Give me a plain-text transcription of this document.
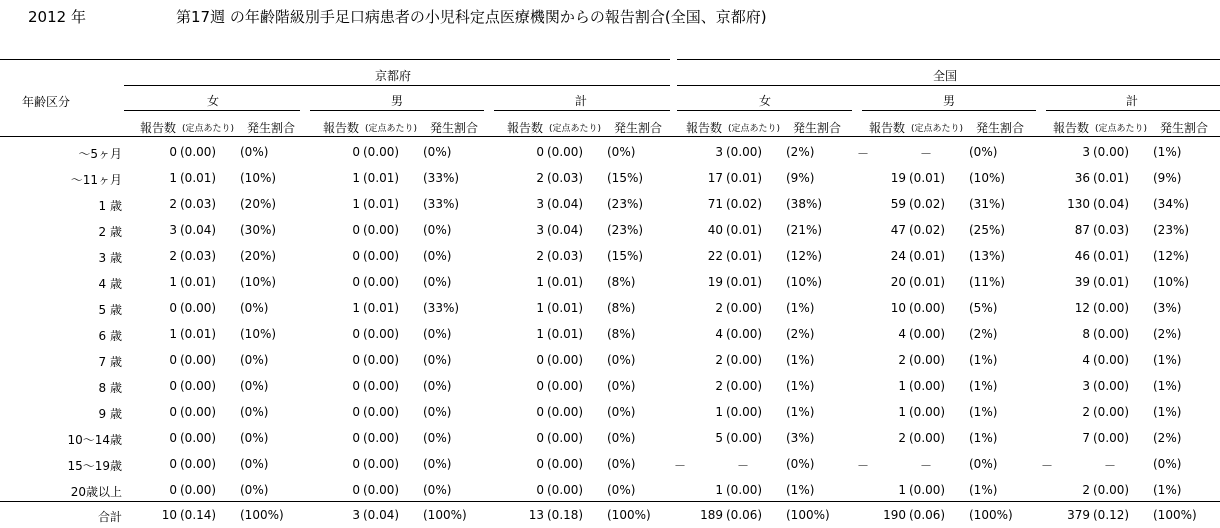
2012 年	第17週 の年齢階級別手足口病患者の小児科定点医療機関からの報告割合(全国、京都府)
年齢区分
京都府	全国
女	男	計	女	男	計
報告数 (定点あたり) 発生割合 報告数 (定点あたり) 発生割合 報告数 (定点あたり) 発生割合 報告数 (定点あたり) 発生割合 報告数 (定点あたり) 発生割合 報告数 (定点あたり) 発生割合
～5ヶ月	0 (0.00) (0%)	0 (0.00) (0%)	0 (0.00) (0%)	3 (0.00) (2%)	－	－	(0%)	3 (0.00) (1%)
～11ヶ月	1 (0.01) (10%)	1 (0.01) (33%)	2 (0.03) (15%)	17 (0.01) (9%)	19 (0.01) (10%)	36 (0.01) (9%)
1 歳	2 (0.03) (20%)	1 (0.01) (33%)	3 (0.04) (23%)	71 (0.02) (38%)	59 (0.02) (31%)	130 (0.04) (34%)
2 歳	3 (0.04) (30%)	0 (0.00) (0%)	3 (0.04) (23%)	40 (0.01) (21%)	47 (0.02) (25%)	87 (0.03) (23%)
3 歳	2 (0.03) (20%)	0 (0.00) (0%)	2 (0.03) (15%)	22 (0.01) (12%)	24 (0.01) (13%)	46 (0.01) (12%)
4 歳	1 (0.01) (10%)	0 (0.00) (0%)	1 (0.01) (8%)	19 (0.01) (10%)	20 (0.01) (11%)	39 (0.01) (10%)
5 歳	0 (0.00) (0%)	1 (0.01) (33%)	1 (0.01) (8%)	2 (0.00) (1%)	10 (0.00) (5%)	12 (0.00) (3%)
6 歳	1 (0.01) (10%)	0 (0.00) (0%)	1 (0.01) (8%)	4 (0.00) (2%)	4 (0.00) (2%)	8 (0.00) (2%)
7 歳	0 (0.00) (0%)	0 (0.00) (0%)	0 (0.00) (0%)	2 (0.00) (1%)	2 (0.00) (1%)	4 (0.00) (1%)
8 歳	0 (0.00) (0%)	0 (0.00) (0%)	0 (0.00) (0%)	2 (0.00) (1%)	1 (0.00) (1%)	3 (0.00) (1%)
9 歳	0 (0.00) (0%)	0 (0.00) (0%)	0 (0.00) (0%)	1 (0.00) (1%)	1 (0.00) (1%)	2 (0.00) (1%)
10～14歳	0 (0.00) (0%)	0 (0.00) (0%)	0 (0.00) (0%)	5 (0.00) (3%)	2 (0.00) (1%)	7 (0.00) (2%)
15～19歳	0 (0.00) (0%)	0 (0.00) (0%)	0 (0.00) (0%)	－	－	(0%)	－	－	(0%)	－	－	(0%)
20歳以上	0 (0.00) (0%)	0 (0.00) (0%)	0 (0.00) (0%)	1 (0.00) (1%)	1 (0.00) (1%)	2 (0.00) (1%)
合計	10 (0.14) (100%)	3 (0.04) (100%)	13 (0.18) (100%)	189 (0.06) (100%)	190 (0.06) (100%)	379 (0.12) (100%)
